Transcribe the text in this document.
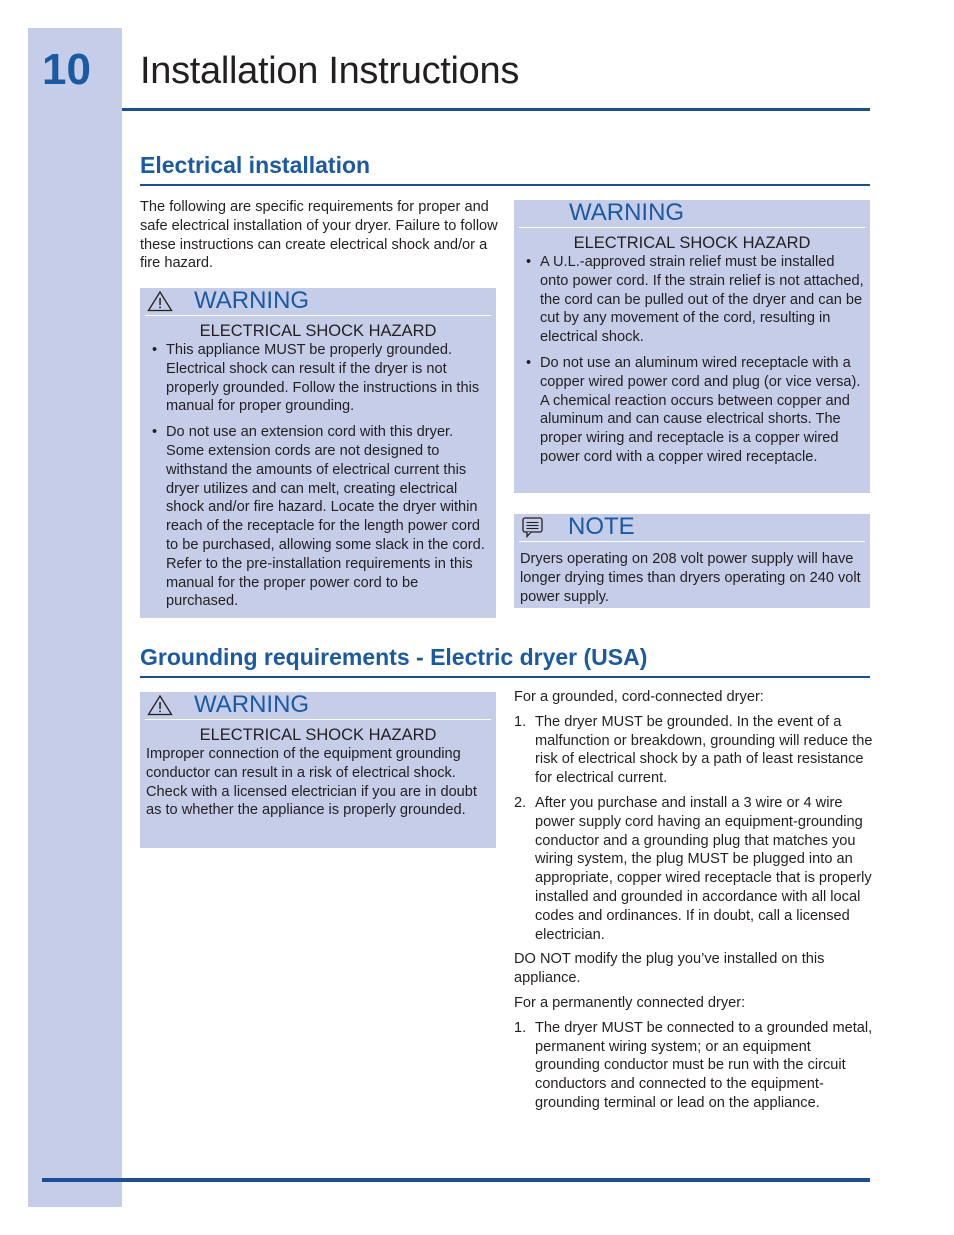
10 Installation Instructions
Electrical installation

The following are specific requirements for proper and safe electrical installation of your dryer. Failure to follow these instructions can create electrical shock and/or a fire hazard.

WARNING

ELECTRICAL SHOCK HAZARD

• This appliance MUST be properly grounded. Electrical shock can result if the dryer is not properly grounded. Follow the instructions in this manual for proper grounding.
• Do not use an extension cord with this dryer. Some extension cords are not designed to withstand the amounts of electrical current this dryer utilizes and can melt, creating electrical shock and/or fire hazard. Locate the dryer within reach of the receptacle for the length power cord to be purchased, allowing some slack in the cord. Refer to the pre-installation requirements in this manual for the proper power cord to be purchased.
WARNING

ELECTRICAL SHOCK HAZARD

• A U.L.-approved strain relief must be installed onto power cord. If the strain relief is not attached, the cord can be pulled out of the dryer and can be cut by any movement of the cord, resulting in electrical shock.
• Do not use an aluminum wired receptacle with a copper wired power cord and plug (or vice versa). A chemical reaction occurs between copper and aluminum and can cause electrical shorts. The proper wiring and receptacle is a copper wired power cord with a copper wired receptacle.
NOTE

Dryers operating on 208 volt power supply will have longer drying times than dryers operating on 240 volt power supply.

Grounding requirements - Electric dryer (USA)
WARNING

ELECTRICAL SHOCK HAZARD

Improper connection of the equipment grounding conductor can result in a risk of electrical shock. Check with a licensed electrician if you are in doubt as to whether the appliance is properly grounded.

For a grounded, cord-connected dryer:

1. The dryer MUST be grounded. In the event of a malfunction or breakdown, grounding will reduce the risk of electrical shock by a path of least resistance for electrical current.
2. After you purchase and install a 3 wire or 4 wire power supply cord having an equipment-grounding conductor and a grounding plug that matches you wiring system, the plug MUST be plugged into an appropriate, copper wired receptacle that is properly installed and grounded in accordance with all local codes and ordinances. If in doubt, call a licensed electrician.

DO NOT modify the plug you’ve installed on this appliance.

For a permanently connected dryer:

1. The dryer MUST be connected to a grounded metal, permanent wiring system; or an equipment grounding conductor must be run with the circuit conductors and connected to the equipment-grounding terminal or lead on the appliance.
